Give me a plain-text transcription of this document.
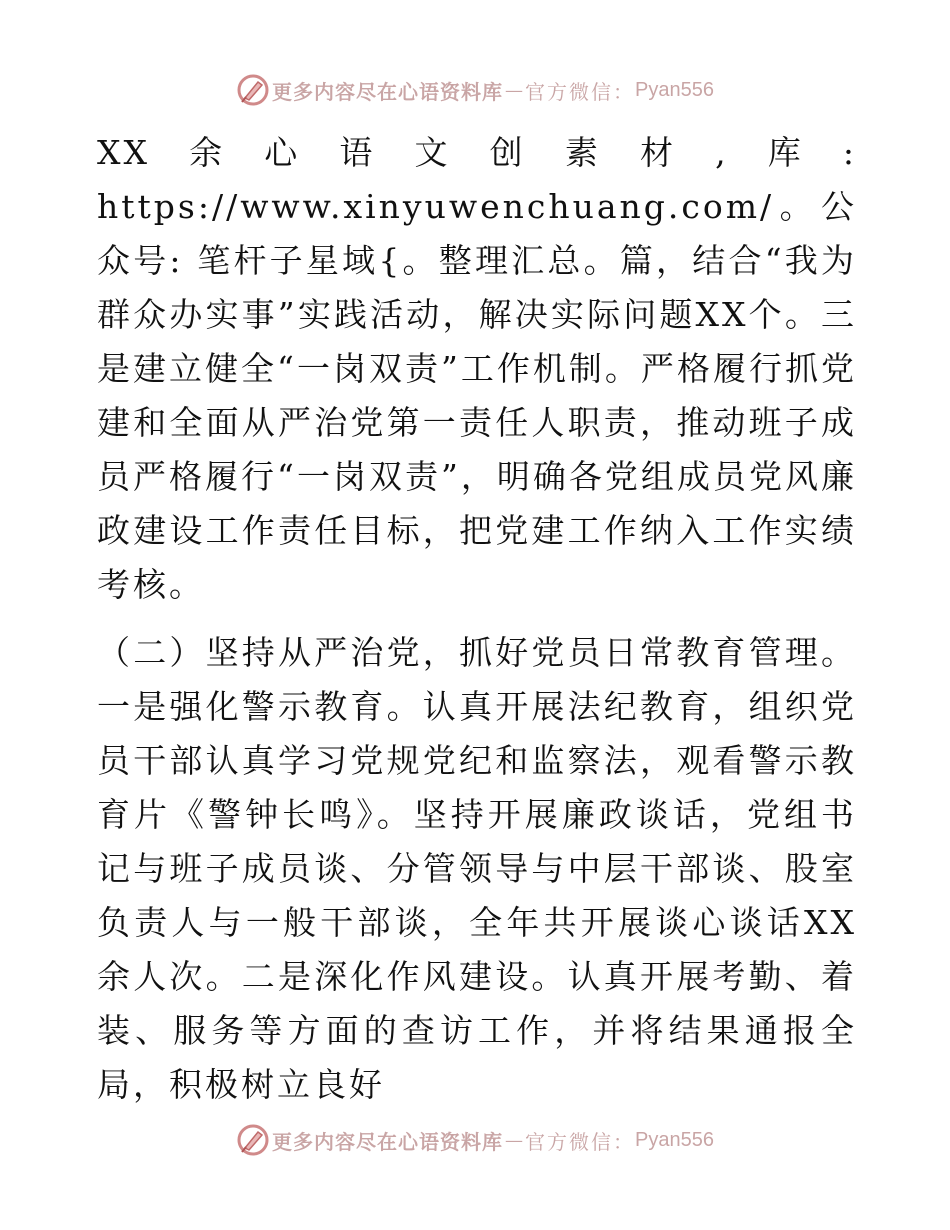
更多内容尽在心语资料库 — 官方微信： Pyan556

XX余心语文创素材,库: https://www.xinyuwenchuang.com/。公众号: 笔杆子星域{。整理汇总。篇，结合“我为群众办实事”实践活动，解决实际问题XX个。三是建立健全“一岗双责”工作机制。严格履行抓党建和全面从严治党第一责任人职责，推动班子成员严格履行“一岗双责”，明确各党组成员党风廉政建设工作责任目标，把党建工作纳入工作实绩考核。

（二）坚持从严治党，抓好党员日常教育管理。一是强化警示教育。认真开展法纪教育，组织党员干部认真学习党规党纪和监察法，观看警示教育片《警钟长鸣》。坚持开展廉政谈话，党组书记与班子成员谈、分管领导与中层干部谈、股室负责人与一般干部谈，全年共开展谈心谈话XX余人次。二是深化作风建设。认真开展考勤、着装、服务等方面的查访工作，并将结果通报全局，积极树立良好

更多内容尽在心语资料库 — 官方微信： Pyan556
